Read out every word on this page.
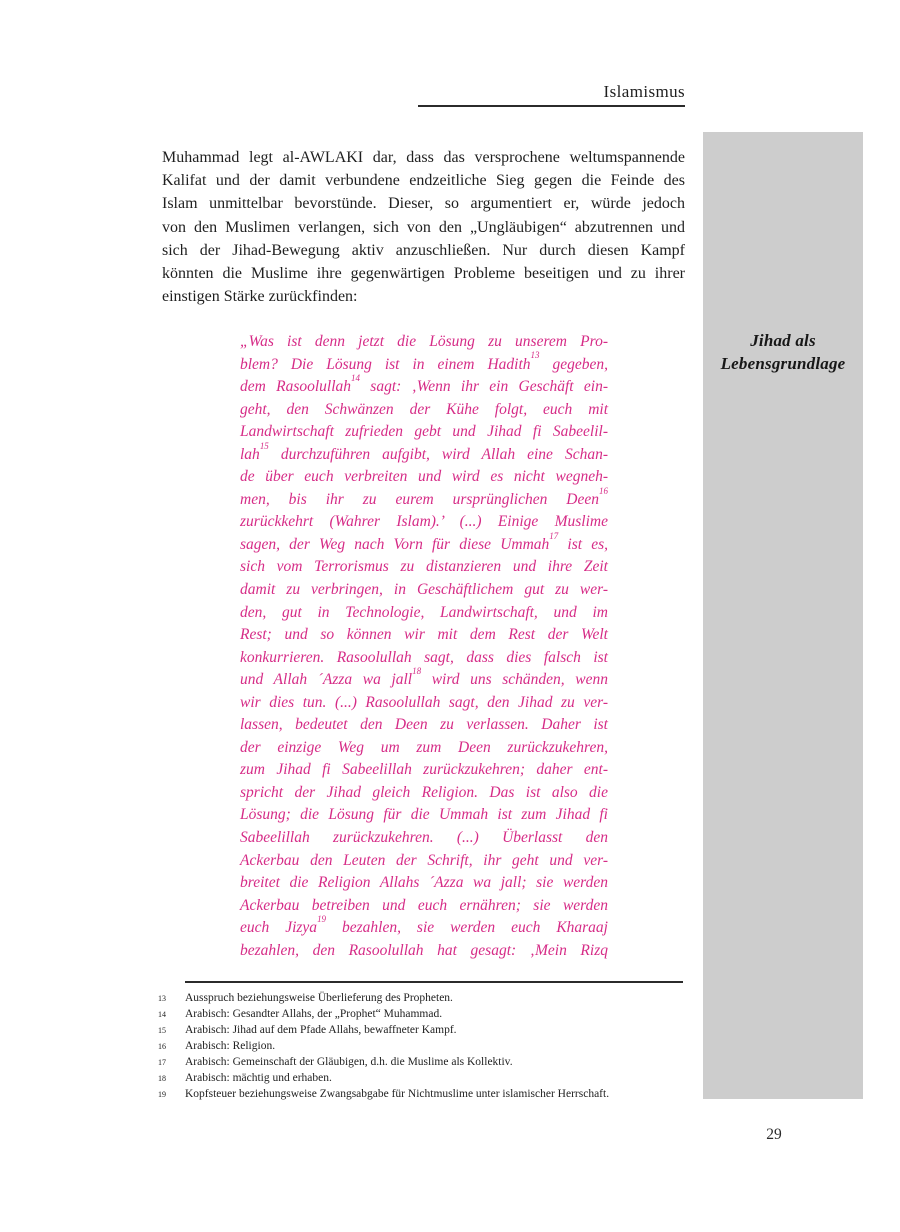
Islamismus
Jihad als
Lebensgrundlage
Muhammad legt al-AWLAKI dar, dass das versprochene weltumspannende
Kalifat und der damit verbundene endzeitliche Sieg gegen die Feinde des
Islam unmittelbar bevorstünde. Dieser, so argumentiert er, würde jedoch
von den Muslimen verlangen, sich von den „Ungläubigen“ abzutrennen und
sich der Jihad-Bewegung aktiv anzuschließen. Nur durch diesen Kampf
könnten die Muslime ihre gegenwärtigen Probleme beseitigen und zu ihrer
einstigen Stärke zurückfinden:
„Was ist denn jetzt die Lösung zu unserem Pro-
blem? Die Lösung ist in einem Hadith$^{13}$ gegeben,
dem Rasoolullah$^{14}$ sagt: ‚Wenn ihr ein Geschäft ein-
geht, den Schwänzen der Kühe folgt, euch mit
Landwirtschaft zufrieden gebt und Jihad fi Sabeelil-
lah$^{15}$ durchzuführen aufgibt, wird Allah eine Schan-
de über euch verbreiten und wird es nicht wegneh-
men, bis ihr zu eurem ursprünglichen Deen$^{16}$
zurückkehrt (Wahrer Islam).’ (...) Einige Muslime
sagen, der Weg nach Vorn für diese Ummah$^{17}$ ist es,
sich vom Terrorismus zu distanzieren und ihre Zeit
damit zu verbringen, in Geschäftlichem gut zu wer-
den, gut in Technologie, Landwirtschaft, und im
Rest; und so können wir mit dem Rest der Welt
konkurrieren. Rasoolullah sagt, dass dies falsch ist
und Allah ´Azza wa jall$^{18}$ wird uns schänden, wenn
wir dies tun. (...) Rasoolullah sagt, den Jihad zu ver-
lassen, bedeutet den Deen zu verlassen. Daher ist
der einzige Weg um zum Deen zurückzukehren,
zum Jihad fi Sabeelillah zurückzukehren; daher ent-
spricht der Jihad gleich Religion. Das ist also die
Lösung; die Lösung für die Ummah ist zum Jihad fi
Sabeelillah zurückzukehren. (...) Überlasst den
Ackerbau den Leuten der Schrift, ihr geht und ver-
breitet die Religion Allahs ´Azza wa jall; sie werden
Ackerbau betreiben und euch ernähren; sie werden
euch Jizya$^{19}$ bezahlen, sie werden euch Kharaaj
bezahlen, den Rasoolullah hat gesagt: ‚Mein Rizq
13	Ausspruch beziehungsweise Überlieferung des Propheten.
14	Arabisch: Gesandter Allahs, der „Prophet“ Muhammad.
15	Arabisch: Jihad auf dem Pfade Allahs, bewaffneter Kampf.
16	Arabisch: Religion.
17	Arabisch: Gemeinschaft der Gläubigen, d.h. die Muslime als Kollektiv.
18	Arabisch: mächtig und erhaben.
19	Kopfsteuer beziehungsweise Zwangsabgabe für Nichtmuslime unter islamischer Herrschaft.
29
